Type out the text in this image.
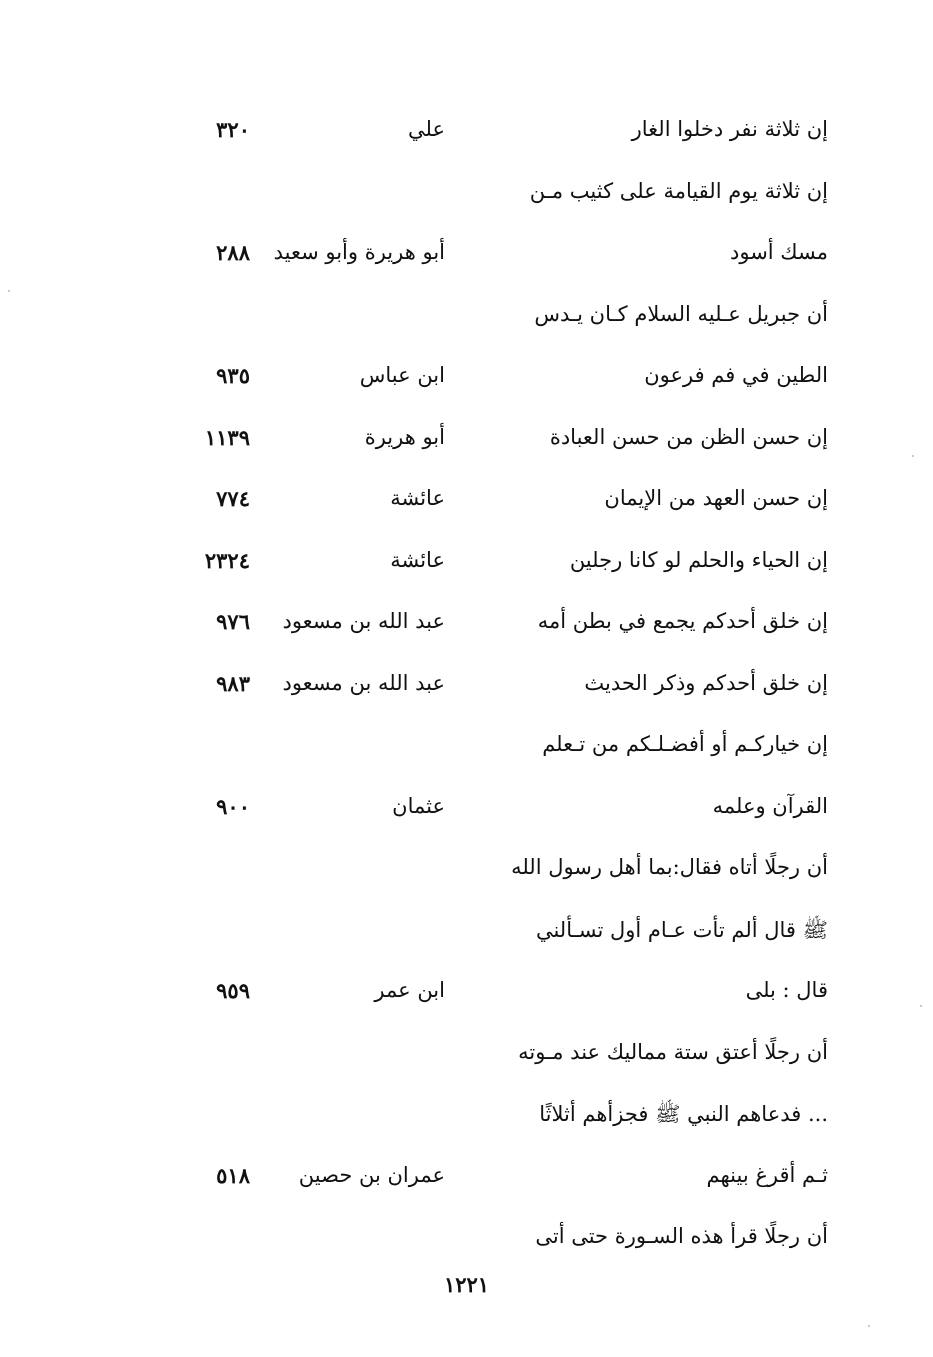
إن ثلاثة نفر دخلوا الغار
علي
٣٢٠
إن ثلاثة يوم القيامة على كثيب مـن
مسك أسود
أبو هريرة وأبو سعيد
٢٨٨
أن جبريل عـليه السلام كـان يـدس
الطين في فم فرعون
ابن عباس
٩٣٥
إن حسن الظن من حسن العبادة
أبو هريرة
١١٣٩
إن حسن العهد من الإيمان
عائشة
٧٧٤
إن الحياء والحلم لو كانا رجلين
عائشة
٢٣٢٤
إن خلق أحدكم يجمع في بطن أمه
عبد الله بن مسعود
٩٧٦
إن خلق أحدكم وذكر الحديث
عبد الله بن مسعود
٩٨٣
إن خياركـم أو أفضـلـكم من تـعلم
القرآن وعلمه
عثمان
٩٠٠
أن رجلًا أتاه فقال:بما أهل رسول الله
ﷺ قال ألم تأت عـام أول تسـألني
قال : بلى
ابن عمر
٩٥٩
أن رجلًا أعتق ستة مماليك عند مـوته
... فدعاهم النبي ﷺ فجزأهم أثلاثًا
ثـم أقرغ بينهم
عمران بن حصين
٥١٨
أن رجلًا قرأ هذه السـورة حتى أتى
١٢٢١
